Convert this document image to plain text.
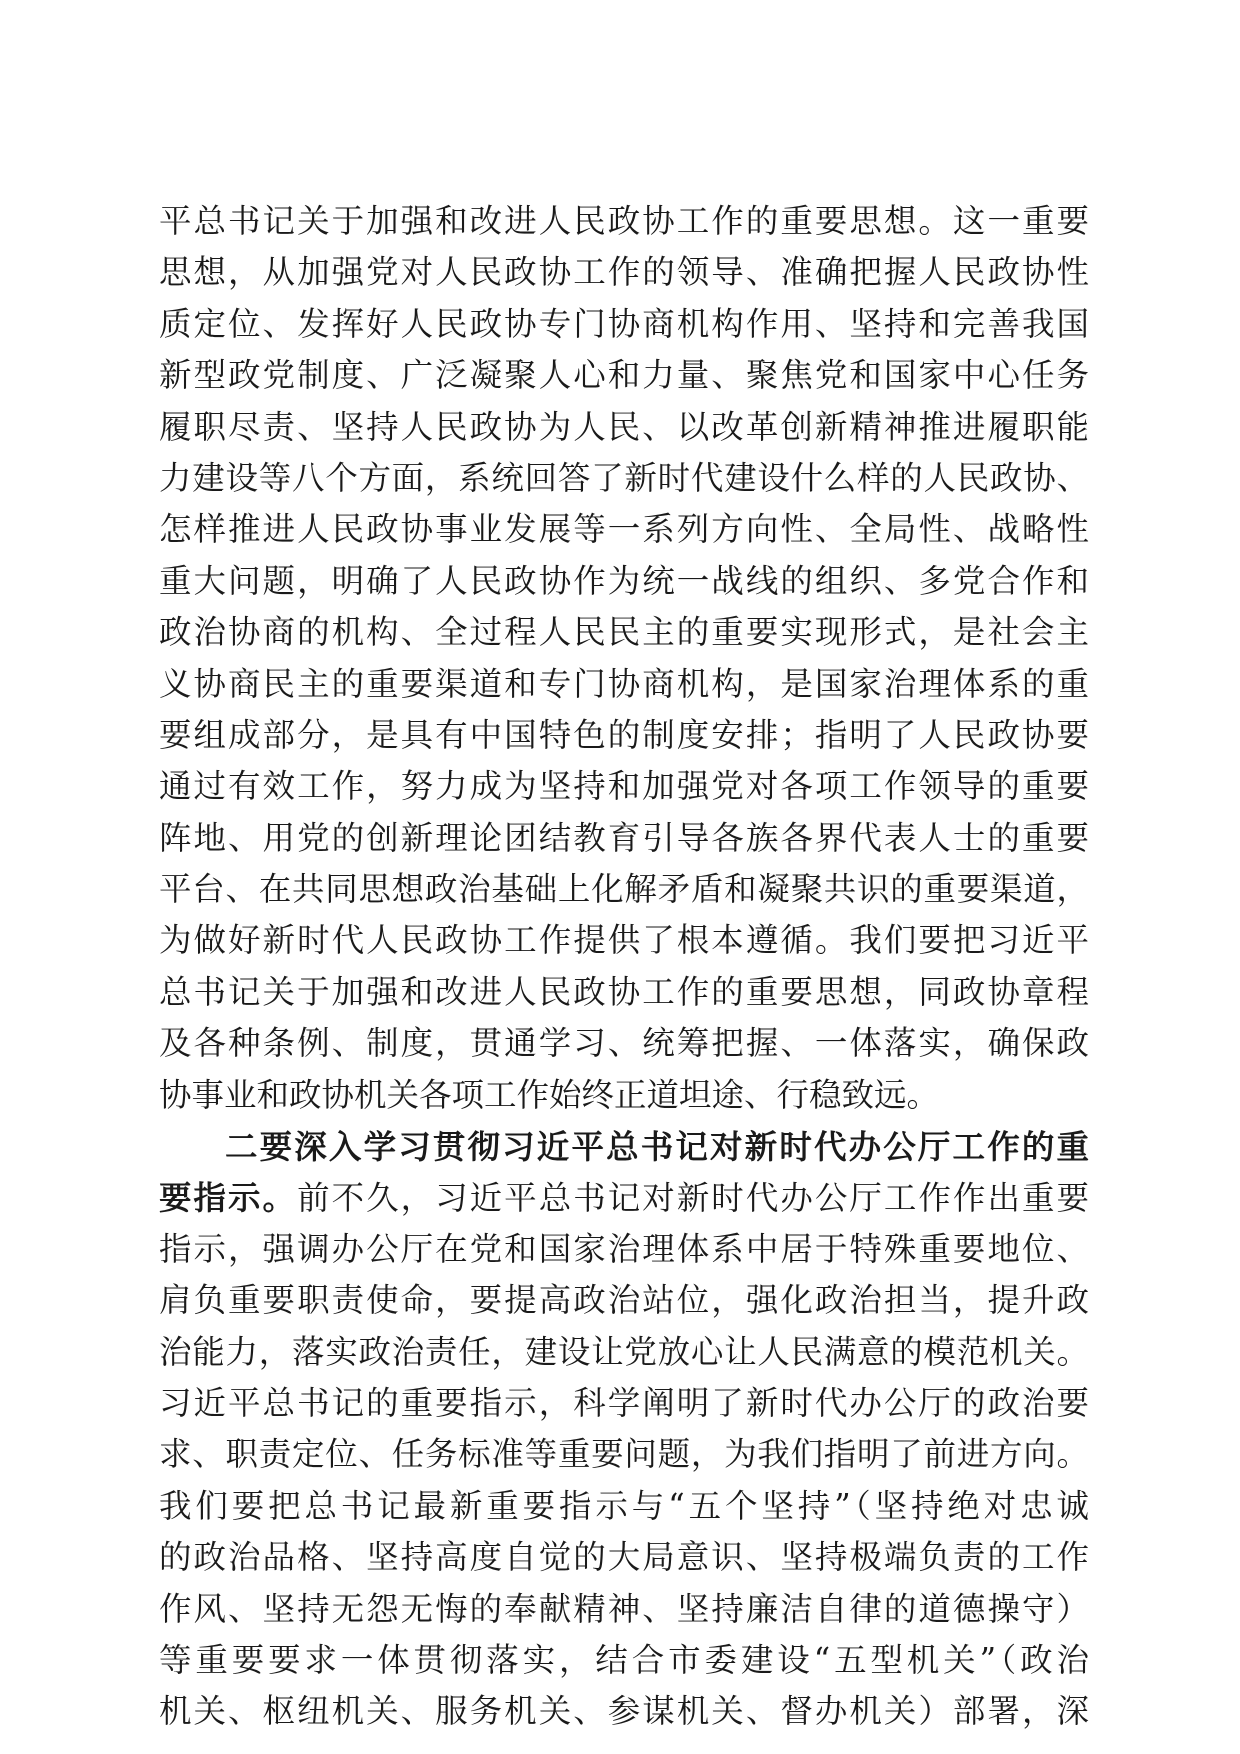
平总书记关于加强和改进人民政协工作的重要思想。这一重要
思想，从加强党对人民政协工作的领导、准确把握人民政协性
质定位、发挥好人民政协专门协商机构作用、坚持和完善我国
新型政党制度、广泛凝聚人心和力量、聚焦党和国家中心任务
履职尽责、坚持人民政协为人民、以改革创新精神推进履职能
力建设等八个方面，系统回答了新时代建设什么样的人民政协、
怎样推进人民政协事业发展等一系列方向性、全局性、战略性
重大问题，明确了人民政协作为统一战线的组织、多党合作和
政治协商的机构、全过程人民民主的重要实现形式，是社会主
义协商民主的重要渠道和专门协商机构，是国家治理体系的重
要组成部分，是具有中国特色的制度安排；指明了人民政协要
通过有效工作，努力成为坚持和加强党对各项工作领导的重要
阵地、用党的创新理论团结教育引导各族各界代表人士的重要
平台、在共同思想政治基础上化解矛盾和凝聚共识的重要渠道，
为做好新时代人民政协工作提供了根本遵循。我们要把习近平
总书记关于加强和改进人民政协工作的重要思想，同政协章程
及各种条例、制度，贯通学习、统筹把握、一体落实，确保政
协事业和政协机关各项工作始终正道坦途、行稳致远。
二要深入学习贯彻习近平总书记对新时代办公厅工作的重
要指示。前不久，习近平总书记对新时代办公厅工作作出重要
指示，强调办公厅在党和国家治理体系中居于特殊重要地位、
肩负重要职责使命，要提高政治站位，强化政治担当，提升政
治能力，落实政治责任，建设让党放心让人民满意的模范机关。
习近平总书记的重要指示，科学阐明了新时代办公厅的政治要
求、职责定位、任务标准等重要问题，为我们指明了前进方向。
我们要把总书记最新重要指示与“五个坚持”（坚持绝对忠诚
的政治品格、坚持高度自觉的大局意识、坚持极端负责的工作
作风、坚持无怨无悔的奉献精神、坚持廉洁自律的道德操守）
等重要要求一体贯彻落实，结合市委建设“五型机关”（政治
机关、枢纽机关、服务机关、参谋机关、督办机关）部署，深
